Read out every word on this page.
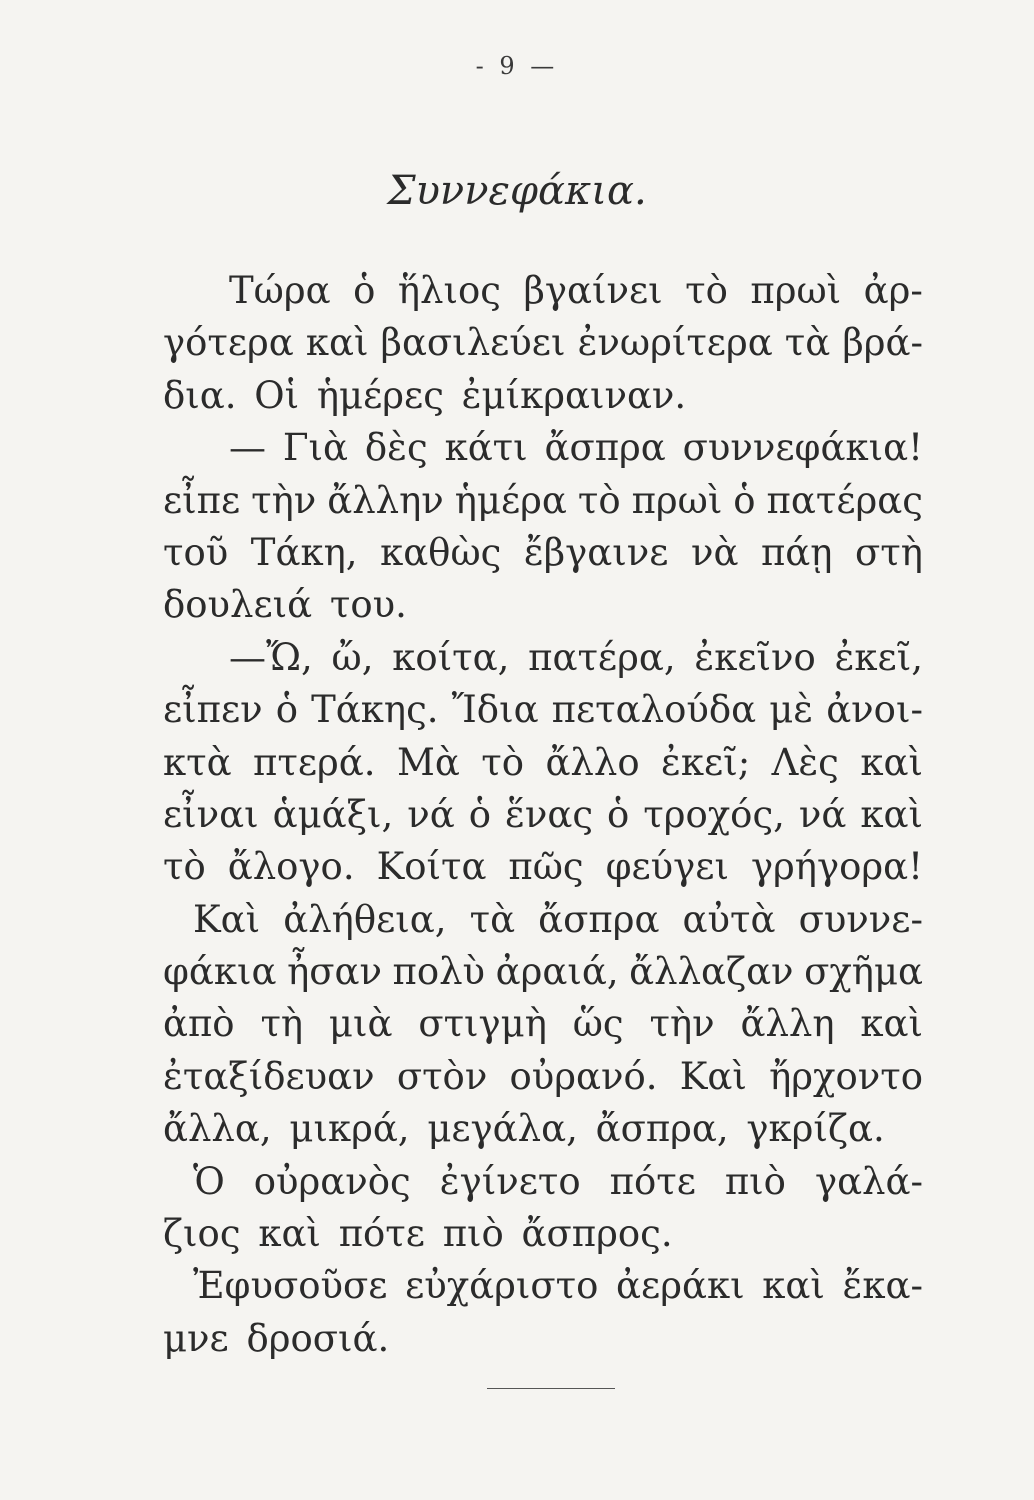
- 9 —
Συννεφάκια.
Τώρα ὁ ἥλιος βγαίνει τὸ πρωὶ ἀρ-
γότερα καὶ βασιλεύει ἐνωρίτερα τὰ βρά-
δια. Οἱ ἡμέρες ἐμίκραιναν.
— Γιὰ δὲς κάτι ἄσπρα συννεφάκια!
εἶπε τὴν ἄλλην ἡμέρα τὸ πρωὶ ὁ πατέρας
τοῦ Τάκη, καθὼς ἔβγαινε νὰ πάῃ στὴ
δουλειά του.
—Ὤ, ὤ, κοίτα, πατέρα, ἐκεῖνο ἐκεῖ,
εἶπεν ὁ Τάκης. Ἴδια πεταλούδα μὲ ἀνοι-
κτὰ πτερά. Μὰ τὸ ἄλλο ἐκεῖ; Λὲς καὶ
εἶναι ἁμάξι, νά ὁ ἕνας ὁ τροχός, νά καὶ
τὸ ἄλογο. Κοίτα πῶς φεύγει γρήγορα!
Καὶ ἀλήθεια, τὰ ἄσπρα αὐτὰ συννε-
φάκια ἦσαν πολὺ ἀραιά, ἄλλαζαν σχῆμα
ἀπὸ τὴ μιὰ στιγμὴ ὥς τὴν ἄλλη καὶ
ἐταξίδευαν στὸν οὐρανό. Καὶ ἤρχοντο
ἄλλα, μικρά, μεγάλα, ἄσπρα, γκρίζα.
Ὁ οὐρανὸς ἐγίνετο πότε πιὸ γαλά-
ζιος καὶ πότε πιὸ ἄσπρος.
Ἐφυσοῦσε εὐχάριστο ἀεράκι καὶ ἔκα-
μνε δροσιά.
